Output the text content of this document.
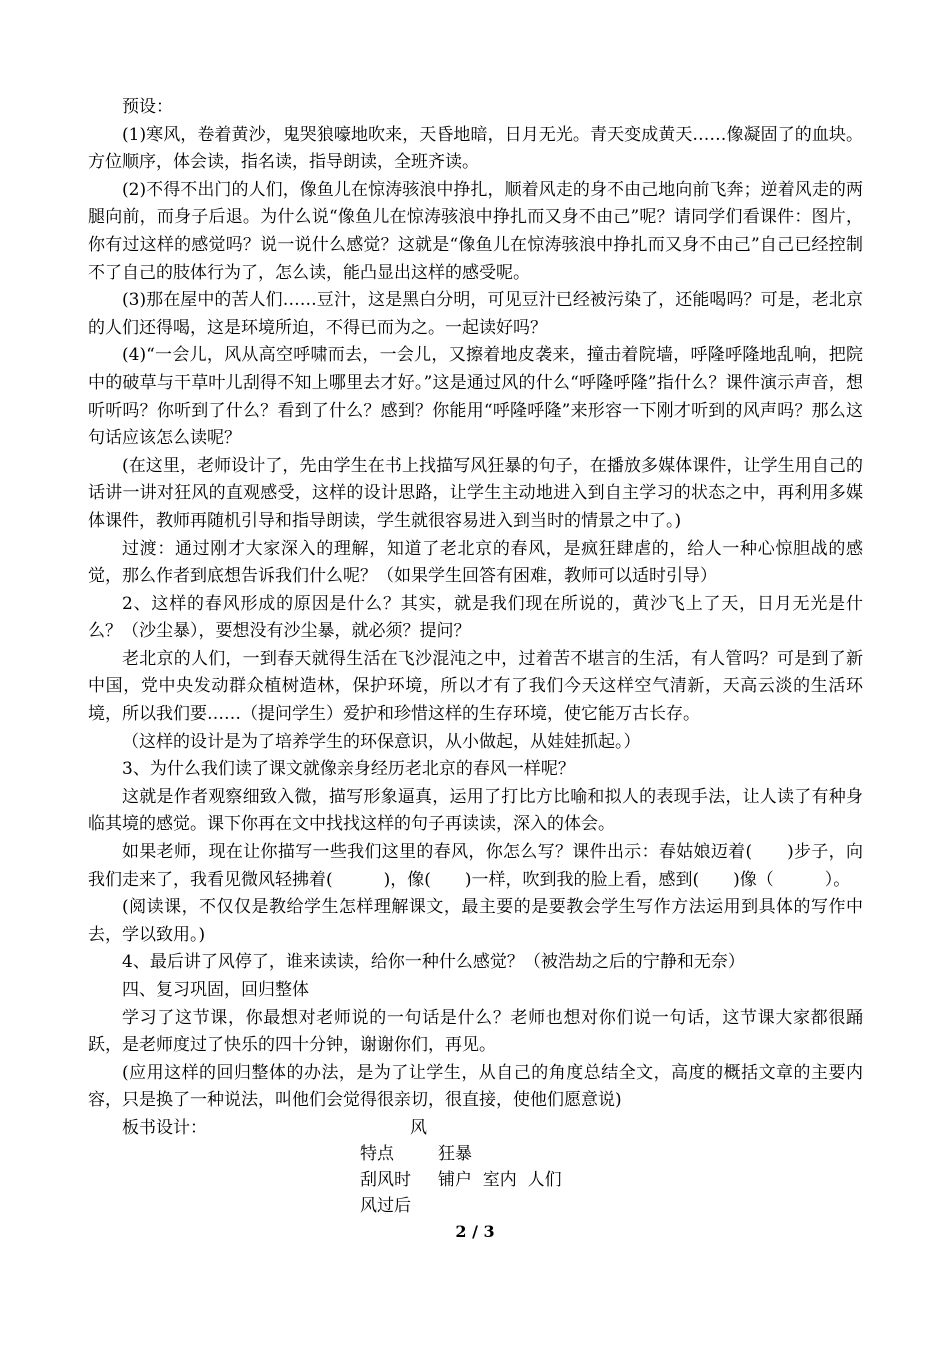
预设：

(1)寒风，卷着黄沙，鬼哭狼嚎地吹来，天昏地暗，日月无光。青天变成黄天……像凝固了的血块。方位顺序，体会读，指名读，指导朗读，全班齐读。

(2)不得不出门的人们，像鱼儿在惊涛骇浪中挣扎，顺着风走的身不由己地向前飞奔；逆着风走的两腿向前，而身子后退。为什么说“像鱼儿在惊涛骇浪中挣扎而又身不由己”呢？请同学们看课件：图片，你有过这样的感觉吗？说一说什么感觉？这就是“像鱼儿在惊涛骇浪中挣扎而又身不由己”自己已经控制不了自己的肢体行为了，怎么读，能凸显出这样的感受呢。

(3)那在屋中的苦人们……豆汁，这是黑白分明，可见豆汁已经被污染了，还能喝吗？可是，老北京的人们还得喝，这是环境所迫，不得已而为之。一起读好吗？

(4)“一会儿，风从高空呼啸而去，一会儿，又擦着地皮袭来，撞击着院墙，呼隆呼隆地乱响，把院中的破草与干草叶儿刮得不知上哪里去才好。”这是通过风的什么“呼隆呼隆”指什么？课件演示声音，想听听吗？你听到了什么？看到了什么？感到？你能用“呼隆呼隆”来形容一下刚才听到的风声吗？那么这句话应该怎么读呢？

(在这里，老师设计了，先由学生在书上找描写风狂暴的句子，在播放多媒体课件，让学生用自己的话讲一讲对狂风的直观感受，这样的设计思路，让学生主动地进入到自主学习的状态之中，再利用多媒体课件，教师再随机引导和指导朗读，学生就很容易进入到当时的情景之中了。)

过渡：通过刚才大家深入的理解，知道了老北京的春风，是疯狂肆虐的，给人一种心惊胆战的感觉，那么作者到底想告诉我们什么呢？（如果学生回答有困难，教师可以适时引导）

2、这样的春风形成的原因是什么？其实，就是我们现在所说的，黄沙飞上了天，日月无光是什么？（沙尘暴），要想没有沙尘暴，就必须？提问？

老北京的人们，一到春天就得生活在飞沙混沌之中，过着苦不堪言的生活，有人管吗？可是到了新中国，党中央发动群众植树造林，保护环境，所以才有了我们今天这样空气清新，天高云淡的生活环境，所以我们要……（提问学生）爱护和珍惜这样的生存环境，使它能万古长存。

（这样的设计是为了培养学生的环保意识，从小做起，从娃娃抓起。）

3、为什么我们读了课文就像亲身经历老北京的春风一样呢？

这就是作者观察细致入微，描写形象逼真，运用了打比方比喻和拟人的表现手法，让人读了有种身临其境的感觉。课下你再在文中找找这样的句子再读读，深入的体会。

如果老师，现在让你描写一些我们这里的春风，你怎么写？课件出示：春姑娘迈着(　　)步子，向我们走来了，我看见微风轻拂着(　　　)，像(　　)一样，吹到我的脸上看，感到(　　)像（　　　）。

(阅读课，不仅仅是教给学生怎样理解课文，最主要的是要教会学生写作方法运用到具体的写作中去，学以致用。)

4、最后讲了风停了，谁来读读，给你一种什么感觉？（被浩劫之后的宁静和无奈）

四、复习巩固，回归整体

学习了这节课，你最想对老师说的一句话是什么？老师也想对你们说一句话，这节课大家都很踊跃，是老师度过了快乐的四十分钟，谢谢你们，再见。

(应用这样的回归整体的办法，是为了让学生，从自己的角度总结全文，高度的概括文章的主要内容，只是换了一种说法，叫他们会觉得很亲切，很直接，使他们愿意说)

板书设计：	风
特点	狂暴
刮风时 铺户  室内  人们
风过后
2 / 3
